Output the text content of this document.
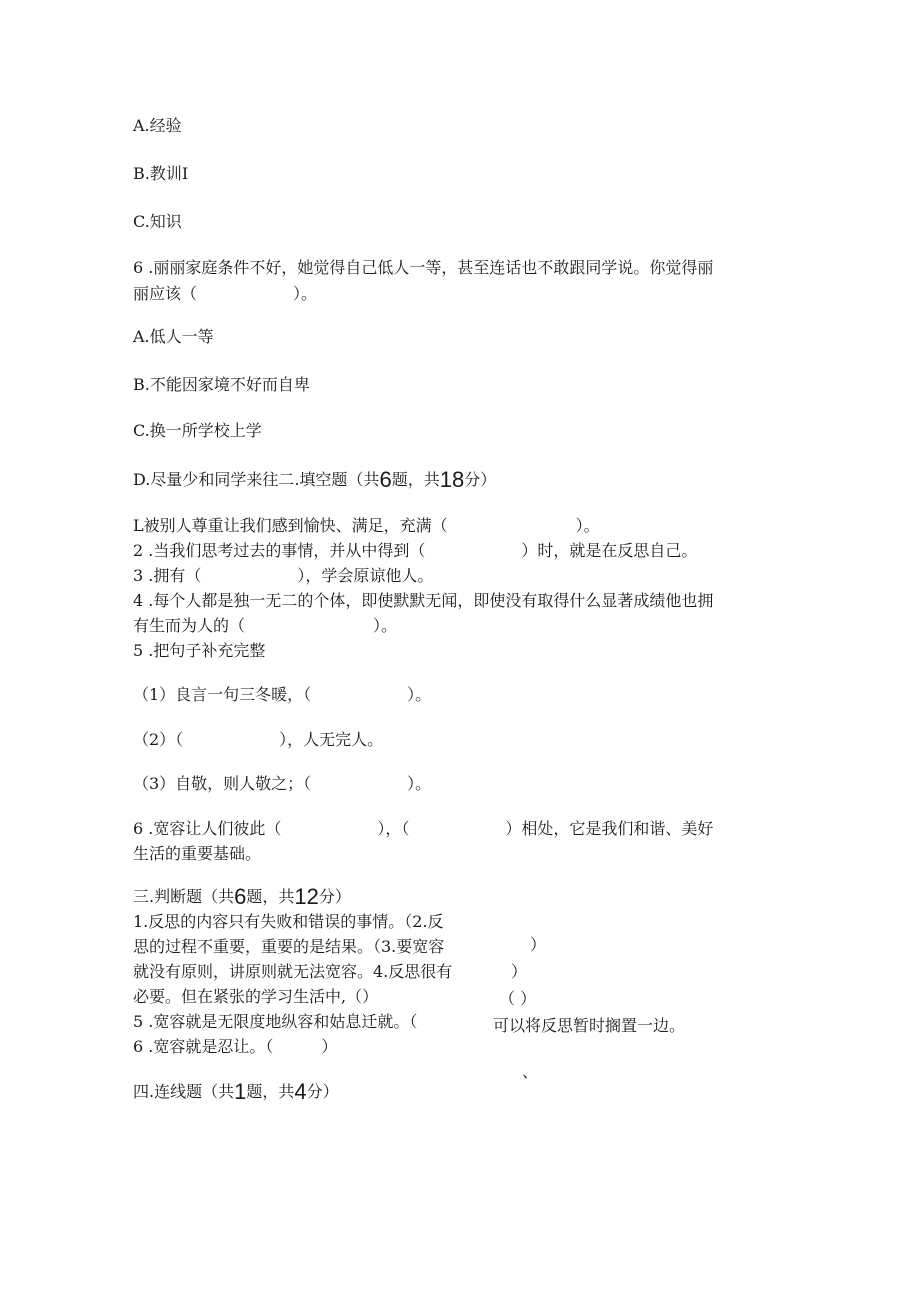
A.经验
B.教训Ⅰ
C.知识
6 .丽丽家庭条件不好，她觉得自己低人一等，甚至连话也不敢跟同学说。你觉得丽
丽应该（　　　　　　）。
A.低人一等
B.不能因家境不好而自卑
C.换一所学校上学
D.尽量少和同学来往二.填空题（共6题，共18分）
L被别人尊重让我们感到愉快、满足，充满（　　　　　　　　）。
2 .当我们思考过去的事情，并从中得到（　　　　　　）时，就是在反思自己。
3 .拥有（　　　　　　），学会原谅他人。
4 .每个人都是独一无二的个体，即使默默无闻，即使没有取得什么显著成绩他也拥
有生而为人的（　　　　　　　　）。
5 .把句子补充完整
（1）良言一句三冬暖，（　　　　　　）。
（2）（　　　　　　），人无完人。
（3）自敬，则人敬之；（　　　　　　）。
6 .宽容让人们彼此（　　　　　　），（　　　　　　）相处，它是我们和谐、美好
生活的重要基础。
三.判断题（共6题，共12分）
1.反思的内容只有失败和错误的事情。（2.反
思的过程不重要，重要的是结果。（3.要宽容
就没有原则，讲原则就无法宽容。4.反思很有
必要。但在紧张的学习生活中,（）
5 .宽容就是无限度地纵容和姑息迁就。（
6 .宽容就是忍让。（　　　）
）
）
（ ）
可以将反思暂时搁置一边。
、
四.连线题（共1题，共4分）
